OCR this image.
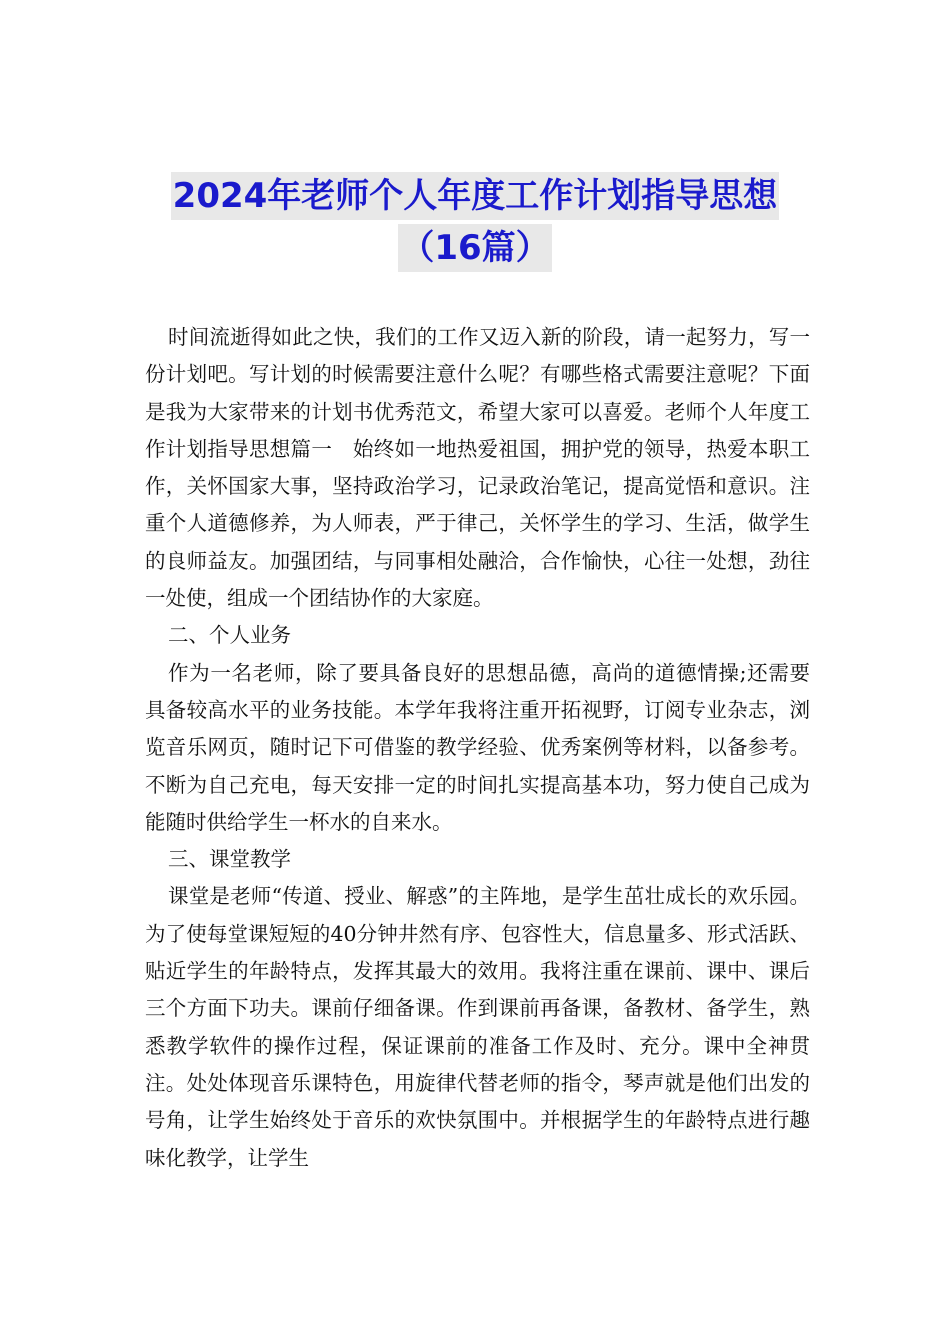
2024年老师个人年度工作计划指导思想
（16篇）

时间流逝得如此之快，我们的工作又迈入新的阶段，请一起努力，写一份计划吧。写计划的时候需要注意什么呢？有哪些格式需要注意呢？下面是我为大家带来的计划书优秀范文，希望大家可以喜爱。老师个人年度工作计划指导思想篇一　始终如一地热爱祖国，拥护党的领导，热爱本职工作，关怀国家大事，坚持政治学习，记录政治笔记，提高觉悟和意识。注重个人道德修养，为人师表，严于律己，关怀学生的学习、生活，做学生的良师益友。加强团结，与同事相处融洽，合作愉快，心往一处想，劲往一处使，组成一个团结协作的大家庭。

二、个人业务

作为一名老师，除了要具备良好的思想品德，高尚的道德情操;还需要具备较高水平的业务技能。本学年我将注重开拓视野，订阅专业杂志，浏览音乐网页，随时记下可借鉴的教学经验、优秀案例等材料，以备参考。不断为自己充电，每天安排一定的时间扎实提高基本功，努力使自己成为能随时供给学生一杯水的自来水。

三、课堂教学

课堂是老师“传道、授业、解惑”的主阵地，是学生茁壮成长的欢乐园。为了使每堂课短短的40分钟井然有序、包容性大，信息量多、形式活跃、贴近学生的年龄特点，发挥其最大的效用。我将注重在课前、课中、课后三个方面下功夫。课前仔细备课。作到课前再备课，备教材、备学生，熟悉教学软件的操作过程，保证课前的准备工作及时、充分。课中全神贯注。处处体现音乐课特色，用旋律代替老师的指令，琴声就是他们出发的号角，让学生始终处于音乐的欢快氛围中。并根据学生的年龄特点进行趣味化教学，让学生
